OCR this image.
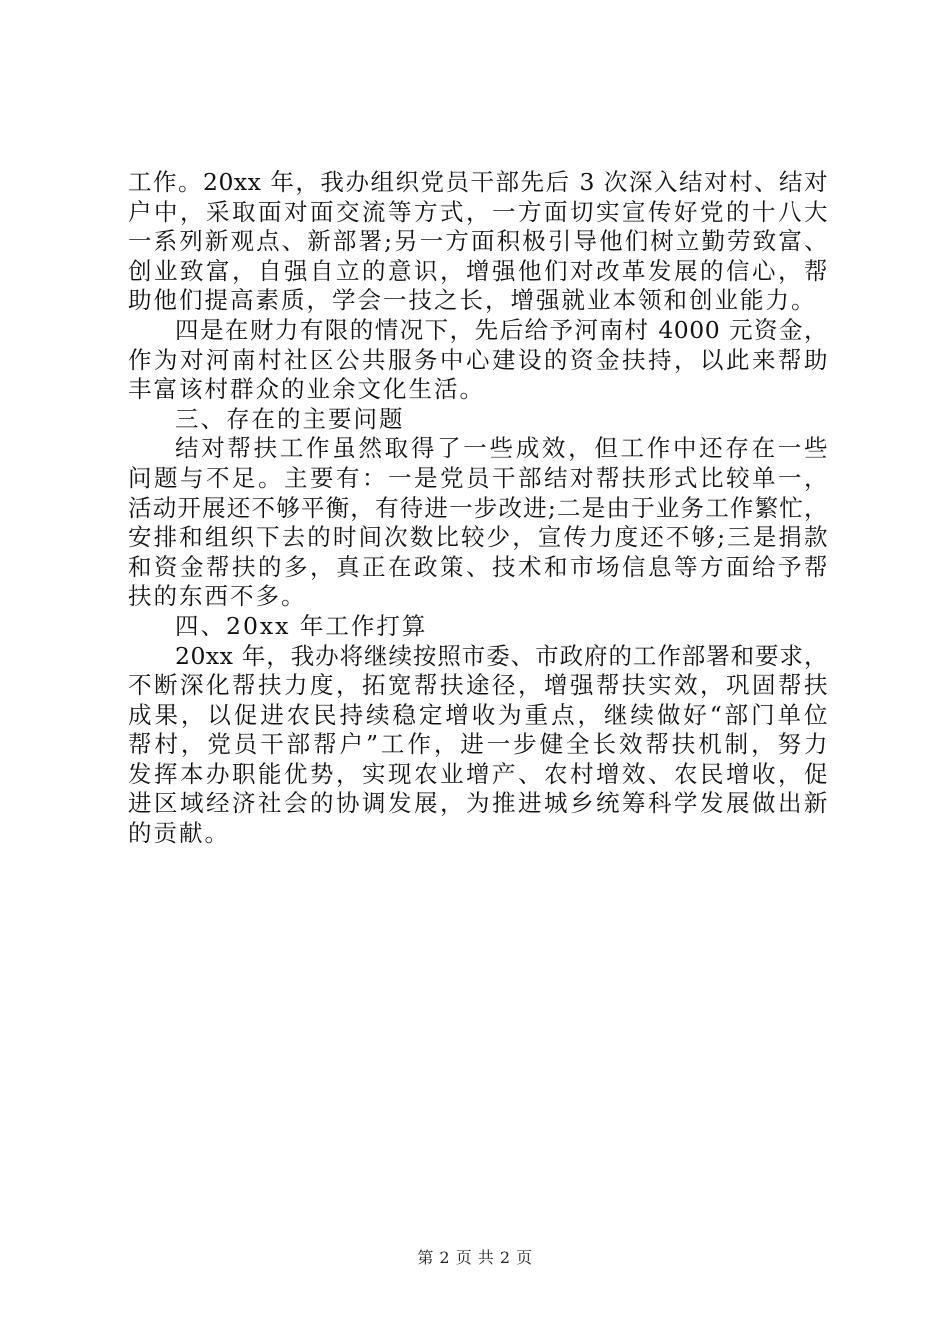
工作。20xx 年，我办组织党员干部先后 3 次深入结对村、结对
户中，采取面对面交流等方式，一方面切实宣传好党的十八大
一系列新观点、新部署;另一方面积极引导他们树立勤劳致富、
创业致富，自强自立的意识，增强他们对改革发展的信心，帮
助他们提高素质，学会一技之长，增强就业本领和创业能力。
四是在财力有限的情况下，先后给予河南村 4000 元资金，
作为对河南村社区公共服务中心建设的资金扶持，以此来帮助
丰富该村群众的业余文化生活。
三、存在的主要问题
结对帮扶工作虽然取得了一些成效，但工作中还存在一些
问题与不足。主要有：一是党员干部结对帮扶形式比较单一，
活动开展还不够平衡，有待进一步改进;二是由于业务工作繁忙，
安排和组织下去的时间次数比较少，宣传力度还不够;三是捐款
和资金帮扶的多，真正在政策、技术和市场信息等方面给予帮
扶的东西不多。
四、20xx 年工作打算
20xx 年，我办将继续按照市委、市政府的工作部署和要求，
不断深化帮扶力度，拓宽帮扶途径，增强帮扶实效，巩固帮扶
成果，以促进农民持续稳定增收为重点，继续做好“部门单位
帮村，党员干部帮户”工作，进一步健全长效帮扶机制，努力
发挥本办职能优势，实现农业增产、农村增效、农民增收，促
进区域经济社会的协调发展，为推进城乡统筹科学发展做出新
的贡献。
第 2 页 共 2 页
